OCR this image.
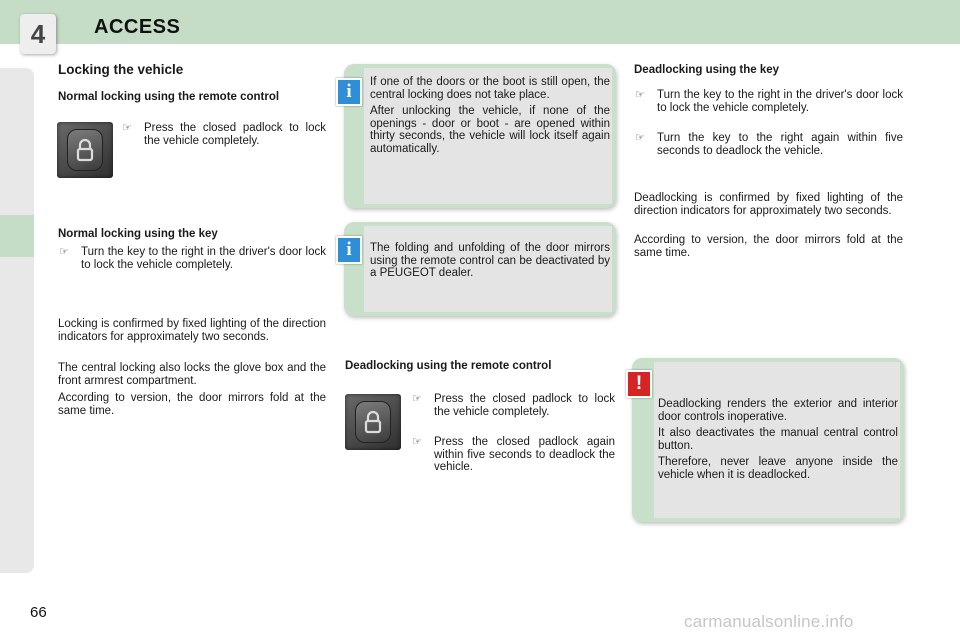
4	ACCESS
Locking the vehicle
Normal locking using the remote control
☞ Press the closed padlock to lock the vehicle completely.
Normal locking using the key
☞ Turn the key to the right in the driver's door lock to lock the vehicle completely.

Locking is confirmed by fixed lighting of the direction indicators for approximately two seconds.

The central locking also locks the glove box and the front armrest compartment.

According to version, the door mirrors fold at the same time.

i	If one of the doors or the boot is still open, the central locking does not take place.

After unlocking the vehicle, if none of the openings - door or boot - are opened within thirty seconds, the vehicle will lock itself again automatically.

i	The folding and unfolding of the door mirrors using the remote control can be deactivated by a PEUGEOT dealer.

Deadlocking using the remote control
☞ Press the closed padlock to lock the vehicle completely.
☞ Press the closed padlock again within five seconds to deadlock the vehicle.
Deadlocking using the key
☞ Turn the key to the right in the driver's door lock to lock the vehicle completely.
☞ Turn the key to the right again within five seconds to deadlock the vehicle.

Deadlocking is confirmed by fixed lighting of the direction indicators for approximately two seconds.

According to version, the door mirrors fold at the same time.

!

Deadlocking renders the exterior and interior door controls inoperative.

It also deactivates the manual central control button.

Therefore, never leave anyone inside the vehicle when it is deadlocked.

66	carmanualsonline.info
